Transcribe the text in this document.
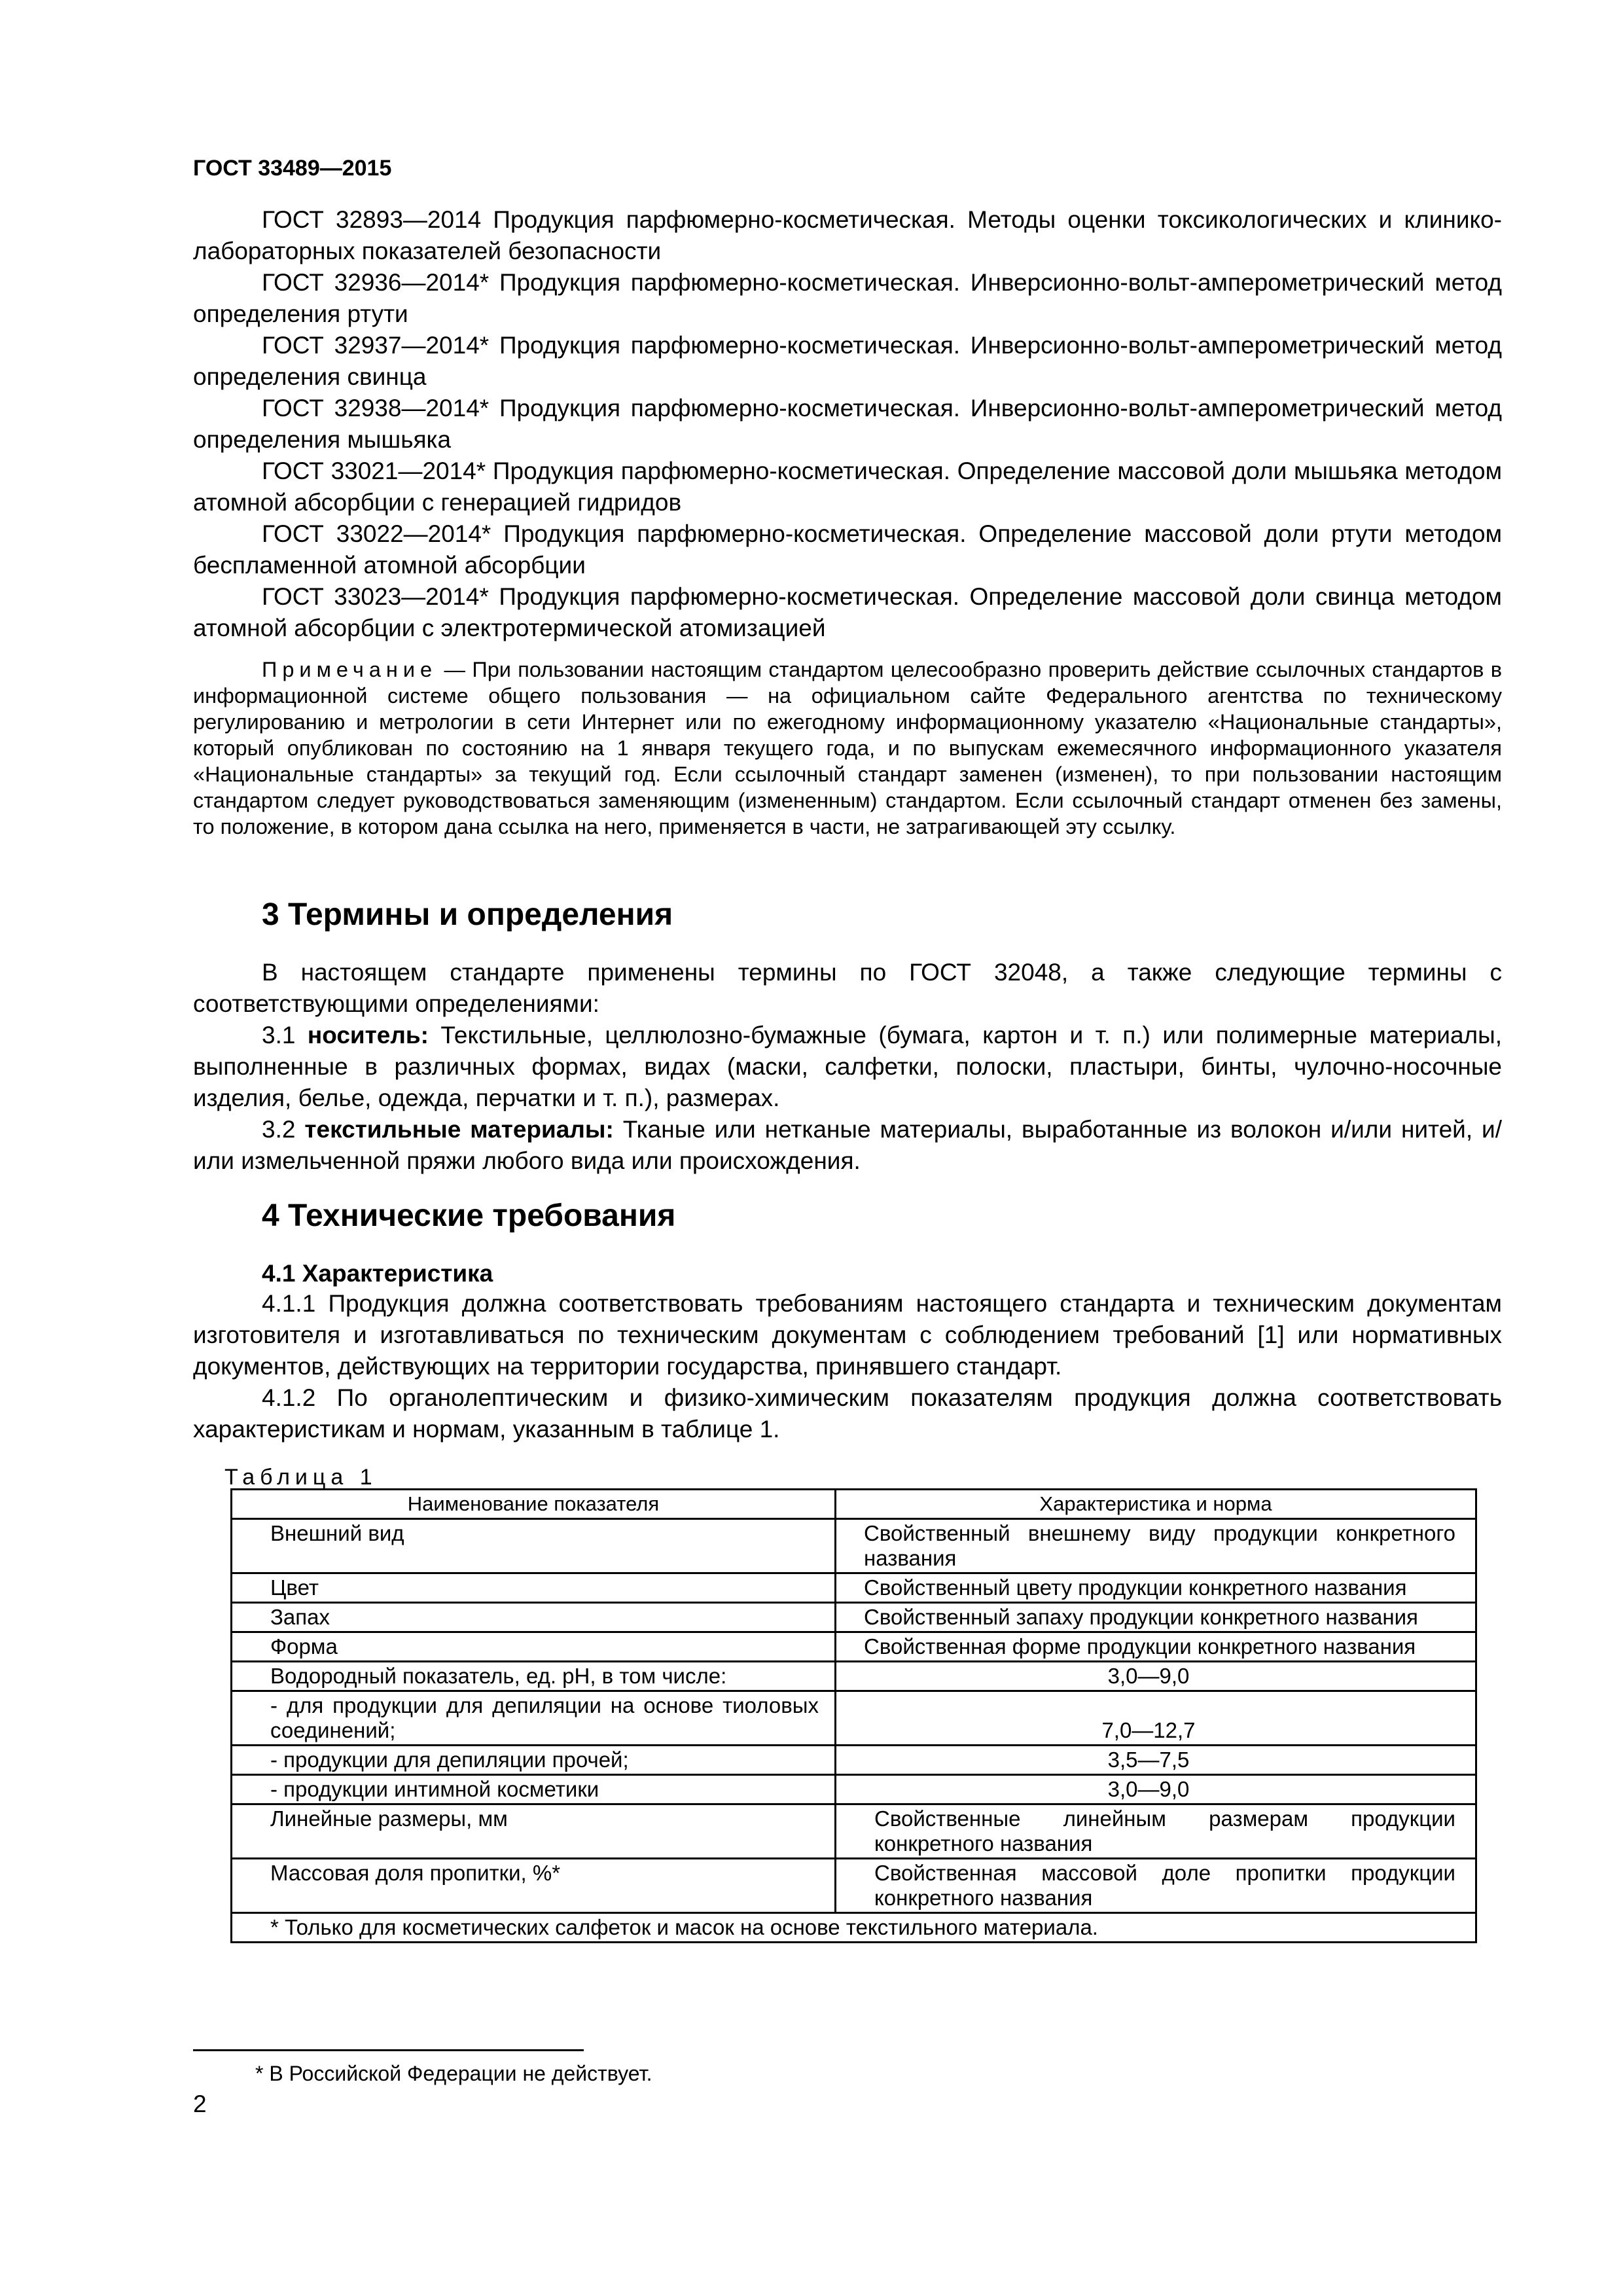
ГОСТ 33489—2015

ГОСТ 32893—2014 Продукция парфюмерно-косметическая. Методы оценки токсикологических и клинико-лабораторных показателей безопасности

ГОСТ 32936—2014* Продукция парфюмерно-косметическая. Инверсионно-вольт-амперометрический метод определения ртути

ГОСТ 32937—2014* Продукция парфюмерно-косметическая. Инверсионно-вольт-амперометрический метод определения свинца

ГОСТ 32938—2014* Продукция парфюмерно-косметическая. Инверсионно-вольт-амперометрический метод определения мышьяка

ГОСТ 33021—2014* Продукция парфюмерно-косметическая. Определение массовой доли мышьяка методом атомной абсорбции с генерацией гидридов

ГОСТ 33022—2014* Продукция парфюмерно-косметическая. Определение массовой доли ртути методом беспламенной атомной абсорбции

ГОСТ 33023—2014* Продукция парфюмерно-косметическая. Определение массовой доли свинца методом атомной абсорбции с электротермической атомизацией

Примечание — При пользовании настоящим стандартом целесообразно проверить действие ссылочных стандартов в информационной системе общего пользования — на официальном сайте Федерального агентства по техническому регулированию и метрологии в сети Интернет или по ежегодному информационному указателю «Национальные стандарты», который опубликован по состоянию на 1 января текущего года, и по выпускам ежемесячного информационного указателя «Национальные стандарты» за текущий год. Если ссылочный стандарт заменен (изменен), то при пользовании настоящим стандартом следует руководствоваться заменяющим (измененным) стандартом. Если ссылочный стандарт отменен без замены, то положение, в котором дана ссылка на него, применяется в части, не затрагивающей эту ссылку.
3 Термины и определения

В настоящем стандарте применены термины по ГОСТ 32048, а также следующие термины с соответствующими определениями:

3.1 носитель: Текстильные, целлюлозно-бумажные (бумага, картон и т. п.) или полимерные материалы, выполненные в различных формах, видах (маски, салфетки, полоски, пластыри, бинты, чулочно-носочные изделия, белье, одежда, перчатки и т. п.), размерах.

3.2 текстильные материалы: Тканые или нетканые материалы, выработанные из волокон и/или нитей, и/или измельченной пряжи любого вида или происхождения.

4 Технические требования
4.1 Характеристика

4.1.1 Продукция должна соответствовать требованиям настоящего стандарта и техническим документам изготовителя и изготавливаться по техническим документам с соблюдением требований [1] или нормативных документов, действующих на территории государства, принявшего стандарт.

4.1.2 По органолептическим и физико-химическим показателям продукция должна соответствовать характеристикам и нормам, указанным в таблице 1.

Таблица 1
Наименование показателя	Характеристика и норма
Внешний вид	Свойственный внешнему виду продукции конкретного названия
Цвет	Свойственный цвету продукции конкретного названия
Запах	Свойственный запаху продукции конкретного названия
Форма	Свойственная форме продукции конкретного названия
Водородный показатель, ед. рН, в том числе:	3,0—9,0
- для продукции для депиляции на основе тиоловых соединений;	7,0—12,7
- продукции для депиляции прочей;	3,5—7,5
- продукции интимной косметики	3,0—9,0
Линейные размеры, мм	Свойственные линейным размерам продукции конкретного названия
Массовая доля пропитки, %*	Свойственная массовой доле пропитки продукции конкретного названия
* Только для косметических салфеток и масок на основе текстильного материала.	
* В Российской Федерации не действует.
2
